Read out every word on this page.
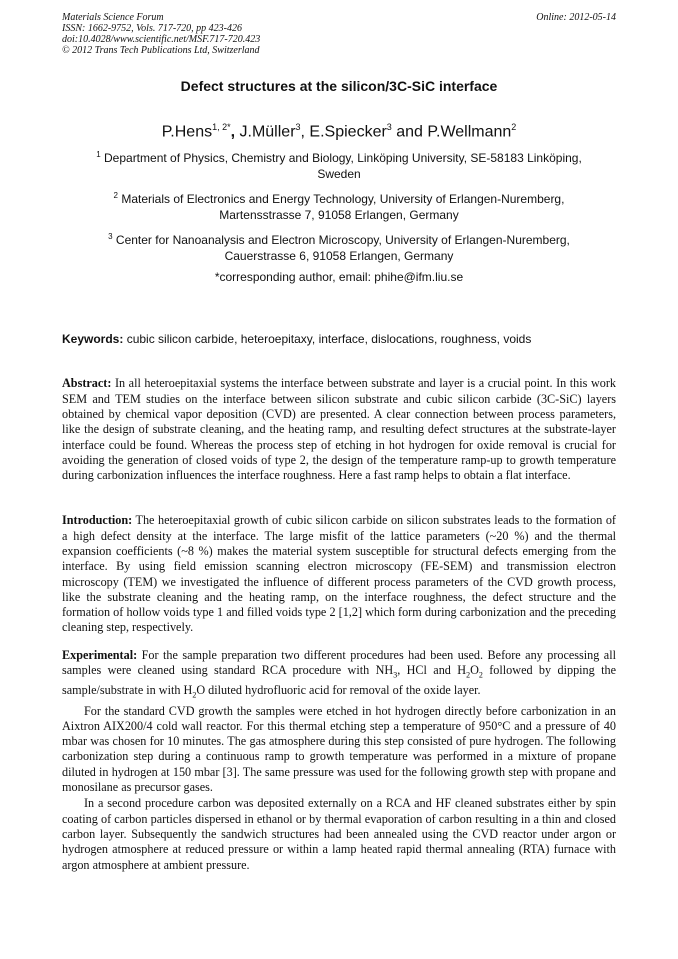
Materials Science Forum
ISSN: 1662-9752, Vols. 717-720, pp 423-426
doi:10.4028/www.scientific.net/MSF.717-720.423
© 2012 Trans Tech Publications Ltd, Switzerland
Online: 2012-05-14
Defect structures at the silicon/3C-SiC interface
P.Hens$^{1, 2*}$, J.Müller$^3$, E.Spiecker$^3$ and P.Wellmann$^2$
$^1$ Department of Physics, Chemistry and Biology, Linköping University, SE-58183 Linköping,
Sweden
$^2$ Materials of Electronics and Energy Technology, University of Erlangen-Nuremberg,
Martensstrasse 7, 91058 Erlangen, Germany
$^3$ Center for Nanoanalysis and Electron Microscopy, University of Erlangen-Nuremberg,
Cauerstrasse 6, 91058 Erlangen, Germany
*corresponding author, email: phihe@ifm.liu.se
Keywords: cubic silicon carbide, heteroepitaxy, interface, dislocations, roughness, voids
Abstract: In all heteroepitaxial systems the interface between substrate and layer is a crucial point. In this work SEM and TEM studies on the interface between silicon substrate and cubic silicon carbide (3C-SiC) layers obtained by chemical vapor deposition (CVD) are presented. A clear connection between process parameters, like the design of substrate cleaning, and the heating ramp, and resulting defect structures at the substrate-layer interface could be found. Whereas the process step of etching in hot hydrogen for oxide removal is crucial for avoiding the generation of closed voids of type 2, the design of the temperature ramp-up to growth temperature during carbonization influences the interface roughness. Here a fast ramp helps to obtain a flat interface.
Introduction: The heteroepitaxial growth of cubic silicon carbide on silicon substrates leads to the formation of a high defect density at the interface. The large misfit of the lattice parameters (~20 %) and the thermal expansion coefficients (~8 %) makes the material system susceptible for structural defects emerging from the interface. By using field emission scanning electron microscopy (FE-SEM) and transmission electron microscopy (TEM) we investigated the influence of different process parameters of the CVD growth process, like the substrate cleaning and the heating ramp, on the interface roughness, the defect structure and the formation of hollow voids type 1 and filled voids type 2 [1,2] which form during carbonization and the preceding cleaning step, respectively.
Experimental: For the sample preparation two different procedures had been used. Before any processing all samples were cleaned using standard RCA procedure with $NH_3$, HCl and $H_2O_2$ followed by dipping the sample/substrate in with $H_2O$ diluted hydrofluoric acid for removal of the oxide layer.
For the standard CVD growth the samples were etched in hot hydrogen directly before carbonization in an Aixtron AIX200/4 cold wall reactor. For this thermal etching step a temperature of 950°C and a pressure of 40 mbar was chosen for 10 minutes. The gas atmosphere during this step consisted of pure hydrogen. The following carbonization step during a continuous ramp to growth temperature was performed in a mixture of propane diluted in hydrogen at 150 mbar [3]. The same pressure was used for the following growth step with propane and monosilane as precursor gases.
In a second procedure carbon was deposited externally on a RCA and HF cleaned substrates either by spin coating of carbon particles dispersed in ethanol or by thermal evaporation of carbon resulting in a thin and closed carbon layer. Subsequently the sandwich structures had been annealed using the CVD reactor under argon or hydrogen atmosphere at reduced pressure or within a lamp heated rapid thermal annealing (RTA) furnace with argon atmosphere at ambient pressure.
